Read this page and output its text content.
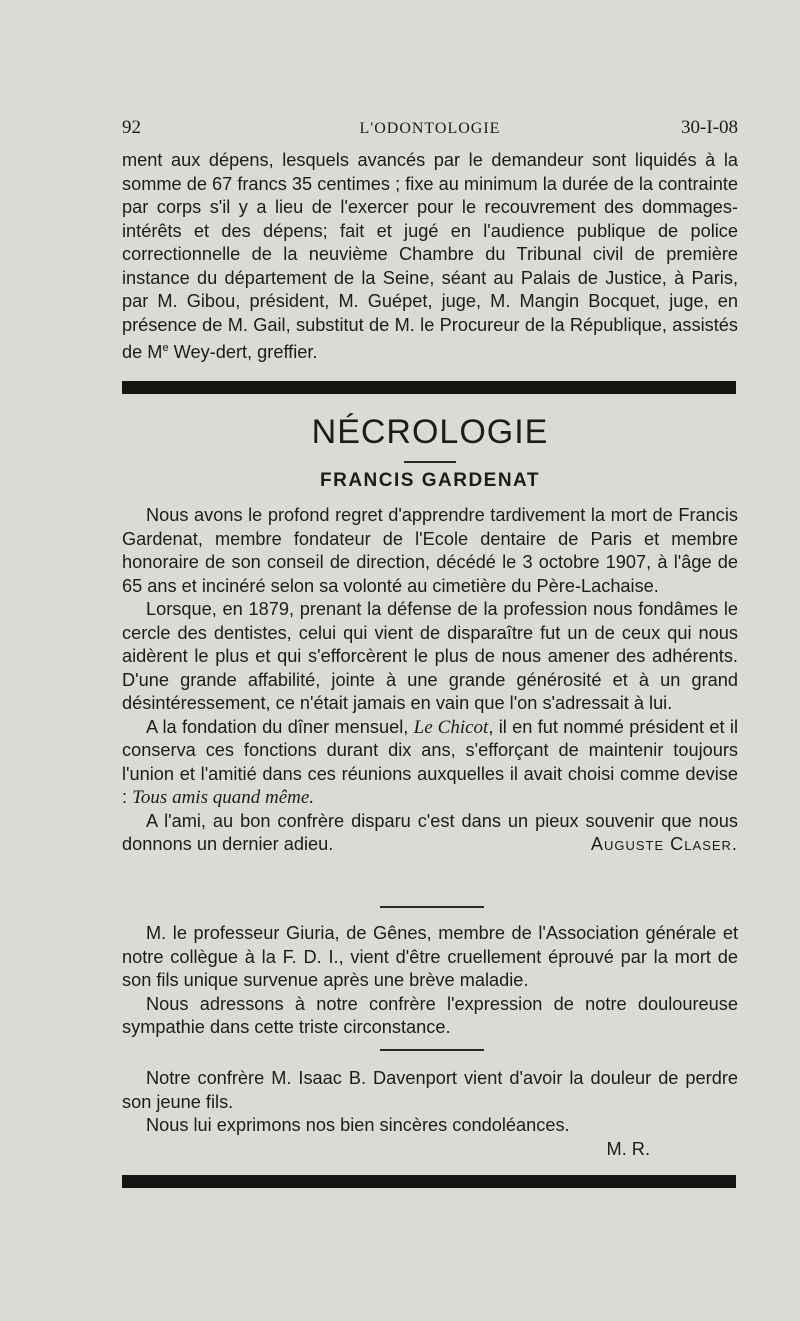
92	L'ODONTOLOGIE	30-I-08

ment aux dépens, lesquels avancés par le demandeur sont liquidés à la somme de 67 francs 35 centimes ; fixe au minimum la durée de la contrainte par corps s'il y a lieu de l'exercer pour le recouvrement des dommages-intérêts et des dépens; fait et jugé en l'audience publique de police correctionnelle de la neuvième Chambre du Tribunal civil de première instance du département de la Seine, séant au Palais de Justice, à Paris, par M. Gibou, président, M. Guépet, juge, M. Mangin Bocquet, juge, en présence de M. Gail, substitut de M. le Procureur de la République, assistés de Me Wey-dert, greffier.

NÉCROLOGIE
FRANCIS GARDENAT

Nous avons le profond regret d'apprendre tardivement la mort de Francis Gardenat, membre fondateur de l'Ecole dentaire de Paris et membre honoraire de son conseil de direction, décédé le 3 octobre 1907, à l'âge de 65 ans et incinéré selon sa volonté au cimetière du Père-Lachaise.

Lorsque, en 1879, prenant la défense de la profession nous fondâmes le cercle des dentistes, celui qui vient de disparaître fut un de ceux qui nous aidèrent le plus et qui s'efforcèrent le plus de nous amener des adhérents. D'une grande affabilité, jointe à une grande générosité et à un grand désintéressement, ce n'était jamais en vain que l'on s'adressait à lui.

A la fondation du dîner mensuel, Le Chicot, il en fut nommé président et il conserva ces fonctions durant dix ans, s'efforçant de maintenir toujours l'union et l'amitié dans ces réunions auxquelles il avait choisi comme devise : Tous amis quand même.

A l'ami, au bon confrère disparu c'est dans un pieux souvenir que nous donnons un dernier adieu.	Auguste Claser.

M. le professeur Giuria, de Gênes, membre de l'Association générale et notre collègue à la F. D. I., vient d'être cruellement éprouvé par la mort de son fils unique survenue après une brève maladie.

Nous adressons à notre confrère l'expression de notre douloureuse sympathie dans cette triste circonstance.

Notre confrère M. Isaac B. Davenport vient d'avoir la douleur de perdre son jeune fils.

Nous lui exprimons nos bien sincères condoléances.

M. R.
